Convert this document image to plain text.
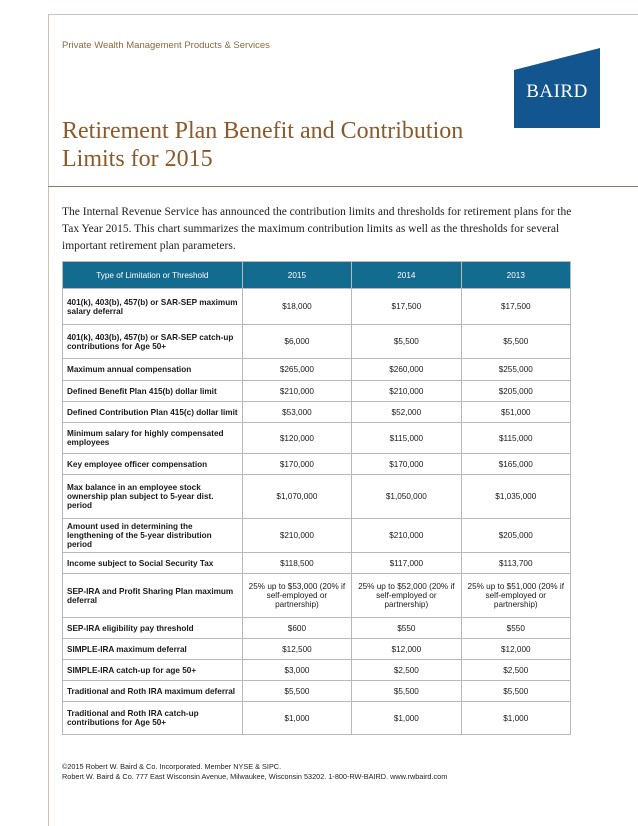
Private Wealth Management Products & Services
BAIRD
Retirement Plan Benefit and Contribution
Limits for 2015

The Internal Revenue Service has announced the contribution limits and thresholds for retirement plans for the Tax Year 2015. This chart summarizes the maximum contribution limits as well as the thresholds for several important retirement plan parameters.

Type of Limitation or Threshold	2015	2014	2013
401(k), 403(b), 457(b) or SAR-SEP maximum salary deferral	$18,000	$17,500	$17,500
401(k), 403(b), 457(b) or SAR-SEP catch-up contributions for Age 50+	$6,000	$5,500	$5,500
Maximum annual compensation	$265,000	$260,000	$255,000
Defined Benefit Plan 415(b) dollar limit	$210,000	$210,000	$205,000
Defined Contribution Plan 415(c) dollar limit	$53,000	$52,000	$51,000
Minimum salary for highly compensated employees	$120,000	$115,000	$115,000
Key employee officer compensation	$170,000	$170,000	$165,000
Max balance in an employee stock ownership plan subject to 5-year dist. period	$1,070,000	$1,050,000	$1,035,000
Amount used in determining the lengthening of the 5-year distribution period	$210,000	$210,000	$205,000
Income subject to Social Security Tax	$118,500	$117,000	$113,700
SEP-IRA and Profit Sharing Plan maximum deferral	25% up to $53,000 (20% if self-employed or partnership)	25% up to $52,000 (20% if self-employed or partnership)	25% up to $51,000 (20% if self-employed or partnership)
SEP-IRA eligibility pay threshold	$600	$550	$550
SIMPLE-IRA maximum deferral	$12,500	$12,000	$12,000
SIMPLE-IRA catch-up for age 50+	$3,000	$2,500	$2,500
Traditional and Roth IRA maximum deferral	$5,500	$5,500	$5,500
Traditional and Roth IRA catch-up contributions for Age 50+	$1,000	$1,000	$1,000
©2015 Robert W. Baird & Co. Incorporated. Member NYSE & SIPC.
Robert W. Baird & Co. 777 East Wisconsin Avenue, Milwaukee, Wisconsin 53202. 1-800-RW-BAIRD. www.rwbaird.com
